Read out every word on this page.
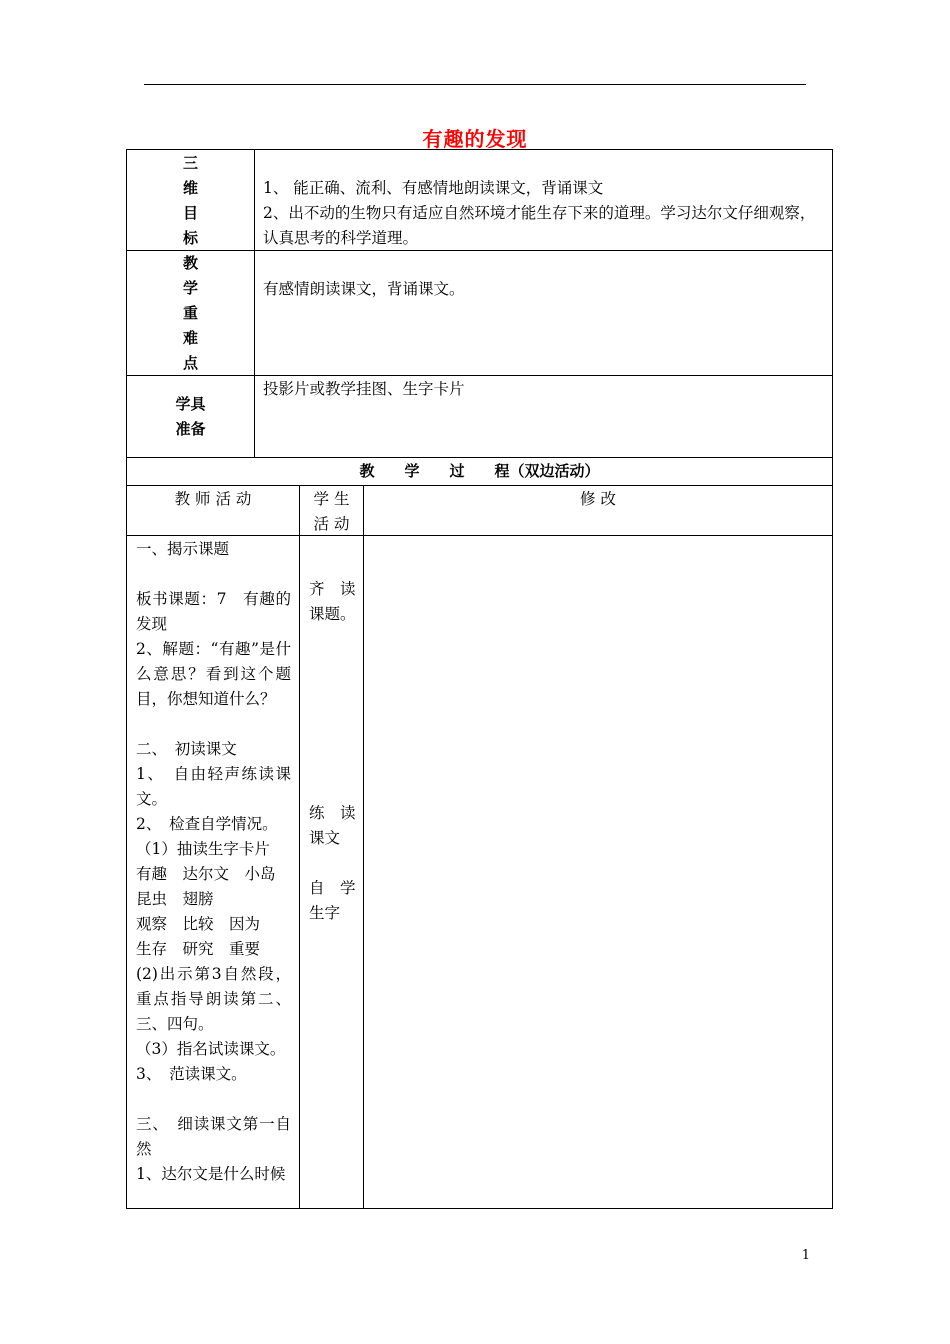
有趣的发现
三
维
目
标
1、 能正确、流利、有感情地朗读课文，背诵课文
2、出不动的生物只有适应自然环境才能生存下来的道理。学习达尔文仔细观察，认真思考的科学道理。
教
学
重
难
点
有感情朗读课文，背诵课文。
学具
准备
投影片或教学挂图、生字卡片
教　　学　　过　　程（双边活动）
教 师 活 动	学 生
活 动
修 改
一、揭示课题

板书课题：7　有趣的发现
2、解题：“有趣”是什么意思？看到这个题目，你想知道什么？

二、　初读课文
1、　自由轻声练读课文。
2、　检查自学情况。
（1）抽读生字卡片
有趣　达尔文　小岛
昆虫　翅膀
观察　比较　因为
生存　研究　重要
(2)出示第3自然段，重点指导朗读第二、三、四句。
（3）指名试读课文。
3、　范读课文。

三、　细读课文第一自然
1、达尔文是什么时候
齐　读
课题。
练　读
课文

自　学
生字
1
